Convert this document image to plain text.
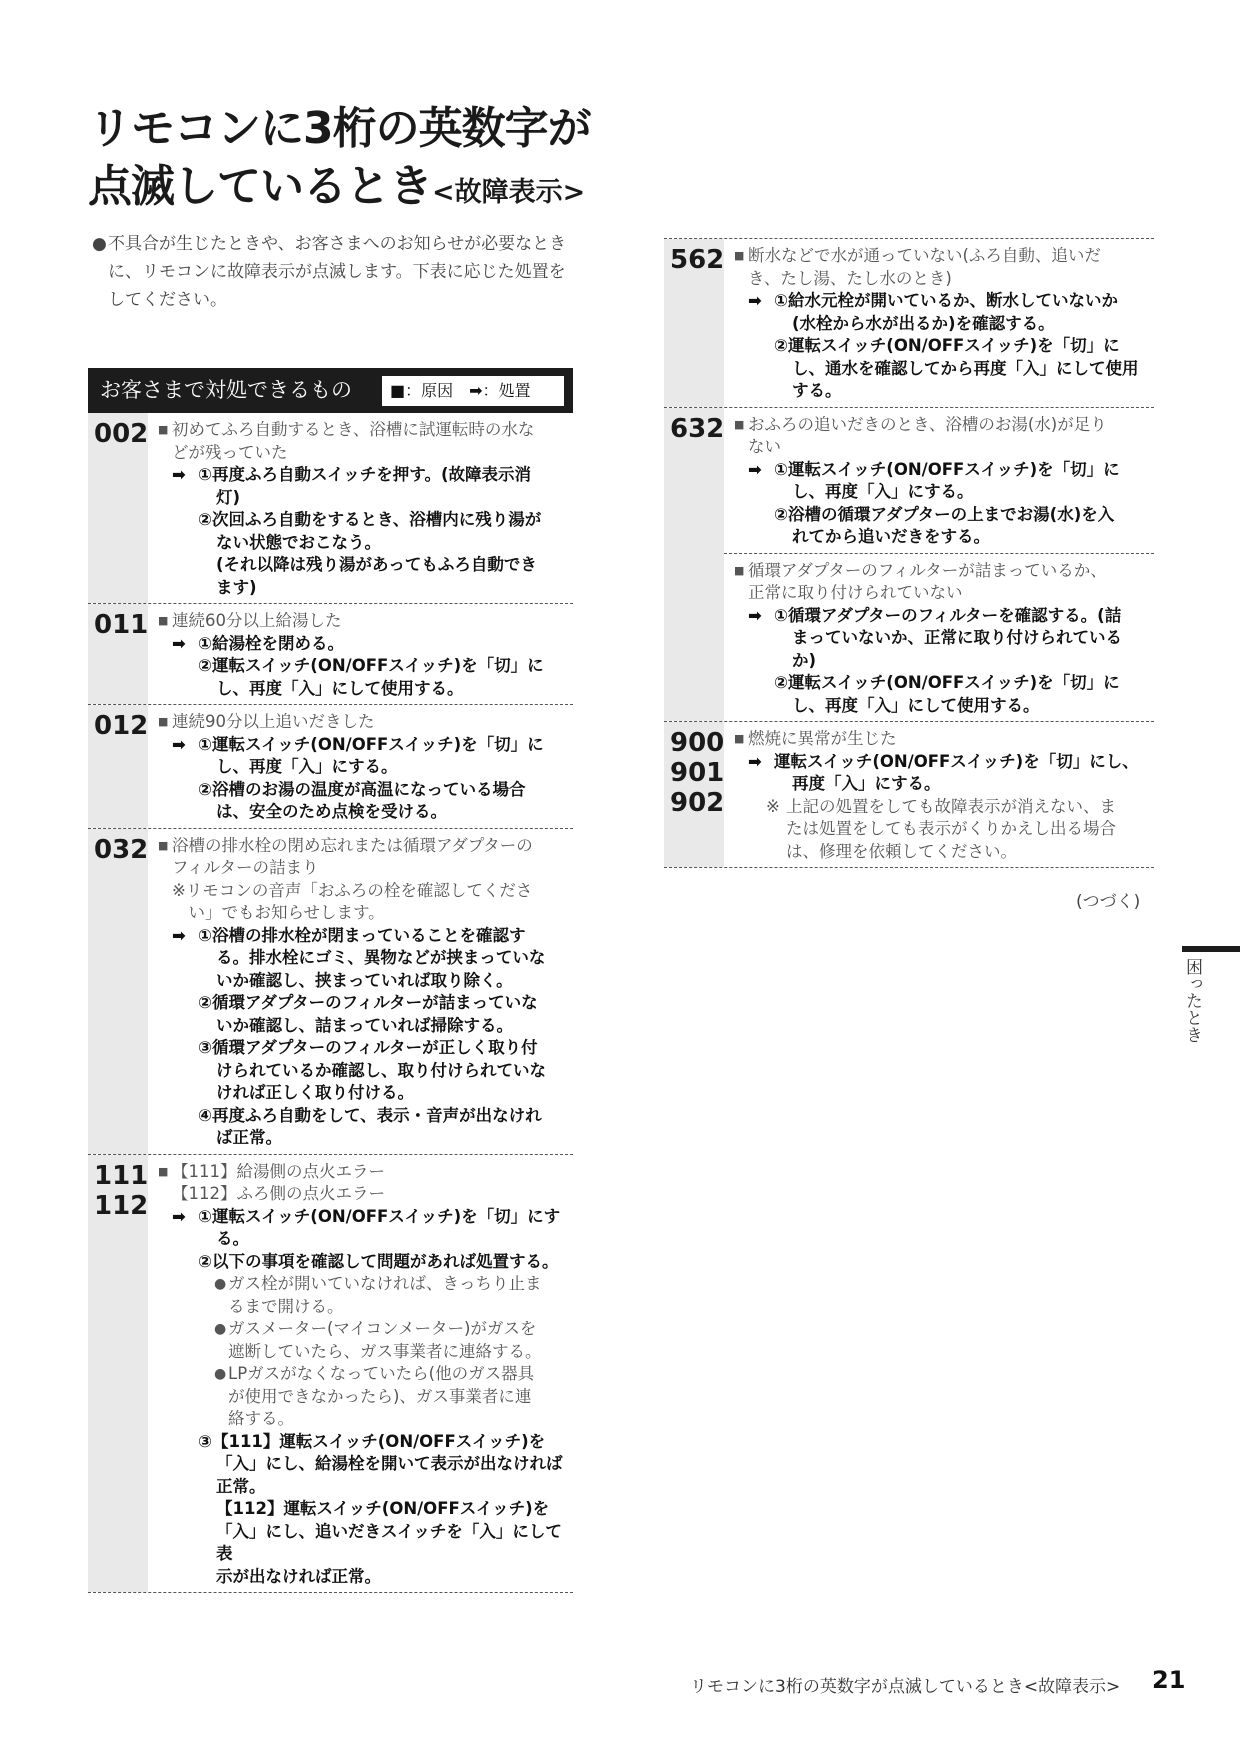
リモコンに3桁の英数字が
点滅しているとき<故障表示>
● 不具合が生じたときや、お客さまへのお知らせが必要なときに、リモコンに故障表示が点滅します。下表に応じた処置をしてください。
お客さまで対処できるもの	■：原因　➡：処置
002 ■ 初めてふろ自動するとき、浴槽に試運転時の水な
どが残っていた
➡ ①再度ふろ自動スイッチを押す。(故障表示消
灯)
②次回ふろ自動をするとき、浴槽内に残り湯が
ない状態でおこなう。
(それ以降は残り湯があってもふろ自動でき
ます)
011 ■ 連続60分以上給湯した
➡ ①給湯栓を閉める。
②運転スイッチ(ON/OFFスイッチ)を「切」に
し、再度「入」にして使用する。
012 ■ 連続90分以上追いだきした
➡ ①運転スイッチ(ON/OFFスイッチ)を「切」に
し、再度「入」にする。
②浴槽のお湯の温度が高温になっている場合
は、安全のため点検を受ける。
032 ■ 浴槽の排水栓の閉め忘れまたは循環アダプターの
フィルターの詰まり
※リモコンの音声「おふろの栓を確認してくださ
　い」でもお知らせします。
➡ ①浴槽の排水栓が閉まっていることを確認す
る。排水栓にゴミ、異物などが挟まっていな
いか確認し、挟まっていれば取り除く。
②循環アダプターのフィルターが詰まっていな
いか確認し、詰まっていれば掃除する。
③循環アダプターのフィルターが正しく取り付
けられているか確認し、取り付けられていな
ければ正しく取り付ける。
④再度ふろ自動をして、表示・音声が出なけれ
ば正常。
111
112
■ 【111】給湯側の点火エラー
【112】ふろ側の点火エラー
➡ ①運転スイッチ(ON/OFFスイッチ)を「切」にす
る。
②以下の事項を確認して問題があれば処置する。
● ガス栓が開いていなければ、きっちり止ま
るまで開ける。
● ガスメーター(マイコンメーター)がガスを
遮断していたら、ガス事業者に連絡する。
● LPガスがなくなっていたら(他のガス器具
が使用できなかったら)、ガス事業者に連
絡する。
③【111】運転スイッチ(ON/OFFスイッチ)を
「入」にし、給湯栓を開いて表示が出なければ
正常。
【112】運転スイッチ(ON/OFFスイッチ)を
「入」にし、追いだきスイッチを「入」にして表
示が出なければ正常。
562 ■ 断水などで水が通っていない(ふろ自動、追いだ
き、たし湯、たし水のとき)
➡ ①給水元栓が開いているか、断水していないか
(水栓から水が出るか)を確認する。
②運転スイッチ(ON/OFFスイッチ)を「切」に
し、通水を確認してから再度「入」にして使用
する。
632 ■ おふろの追いだきのとき、浴槽のお湯(水)が足り
ない
➡ ①運転スイッチ(ON/OFFスイッチ)を「切」に
し、再度「入」にする。
②浴槽の循環アダプターの上までお湯(水)を入
れてから追いだきをする。
■ 循環アダプターのフィルターが詰まっているか、
正常に取り付けられていない
➡ ①循環アダプターのフィルターを確認する。(詰
まっていないか、正常に取り付けられている
か)
②運転スイッチ(ON/OFFスイッチ)を「切」に
し、再度「入」にして使用する。
900
901
902
■ 燃焼に異常が生じた
➡ 運転スイッチ(ON/OFFスイッチ)を「切」にし、
再度「入」にする。
※ 上記の処置をしても故障表示が消えない、ま
たは処置をしても表示がくりかえし出る場合
は、修理を依頼してください。
(つづく)
困ったとき
リモコンに3桁の英数字が点滅しているとき<故障表示> 21
